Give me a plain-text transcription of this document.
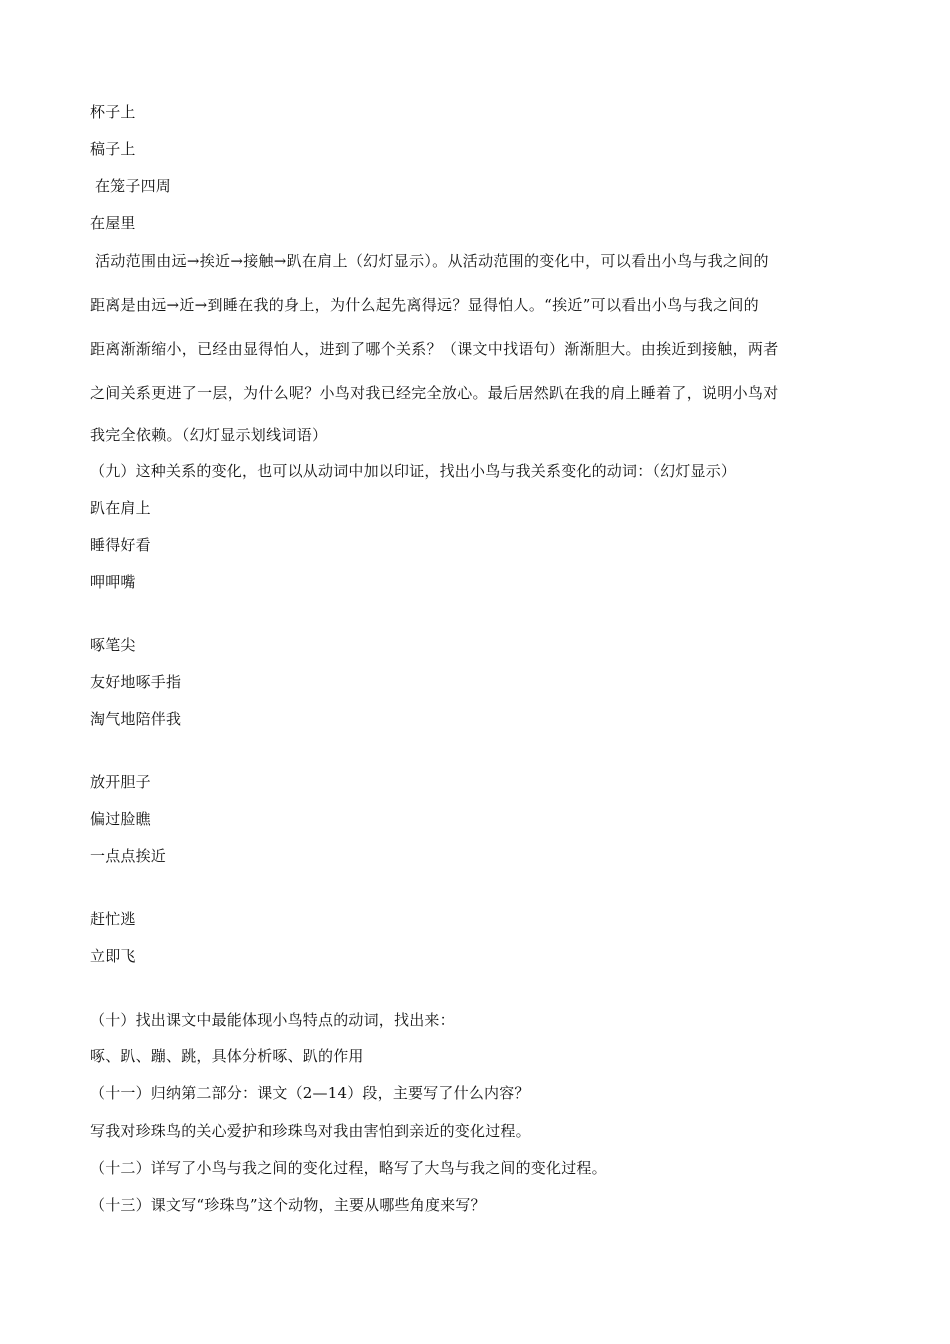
杯子上
稿子上
在笼子四周
在屋里
活动范围由远→挨近→接触→趴在肩上（幻灯显示）。从活动范围的变化中，可以看出小鸟与我之间的
距离是由远→近→到睡在我的身上，为什么起先离得远？显得怕人。“挨近”可以看出小鸟与我之间的
距离渐渐缩小，已经由显得怕人，进到了哪个关系？（课文中找语句）渐渐胆大。由挨近到接触，两者
之间关系更进了一层，为什么呢？小鸟对我已经完全放心。最后居然趴在我的肩上睡着了，说明小鸟对
我完全依赖。（幻灯显示划线词语）
（九）这种关系的变化，也可以从动词中加以印证，找出小鸟与我关系变化的动词：（幻灯显示）
趴在肩上
睡得好看
呷呷嘴
啄笔尖
友好地啄手指
淘气地陪伴我
放开胆子
偏过脸瞧
一点点挨近
赶忙逃
立即飞
（十）找出课文中最能体现小鸟特点的动词，找出来：
啄、趴、蹦、跳，具体分析啄、趴的作用
（十一）归纳第二部分：课文（2—14）段，主要写了什么内容？
写我对珍珠鸟的关心爱护和珍珠鸟对我由害怕到亲近的变化过程。
（十二）详写了小鸟与我之间的变化过程，略写了大鸟与我之间的变化过程。
（十三）课文写“珍珠鸟”这个动物，主要从哪些角度来写？
